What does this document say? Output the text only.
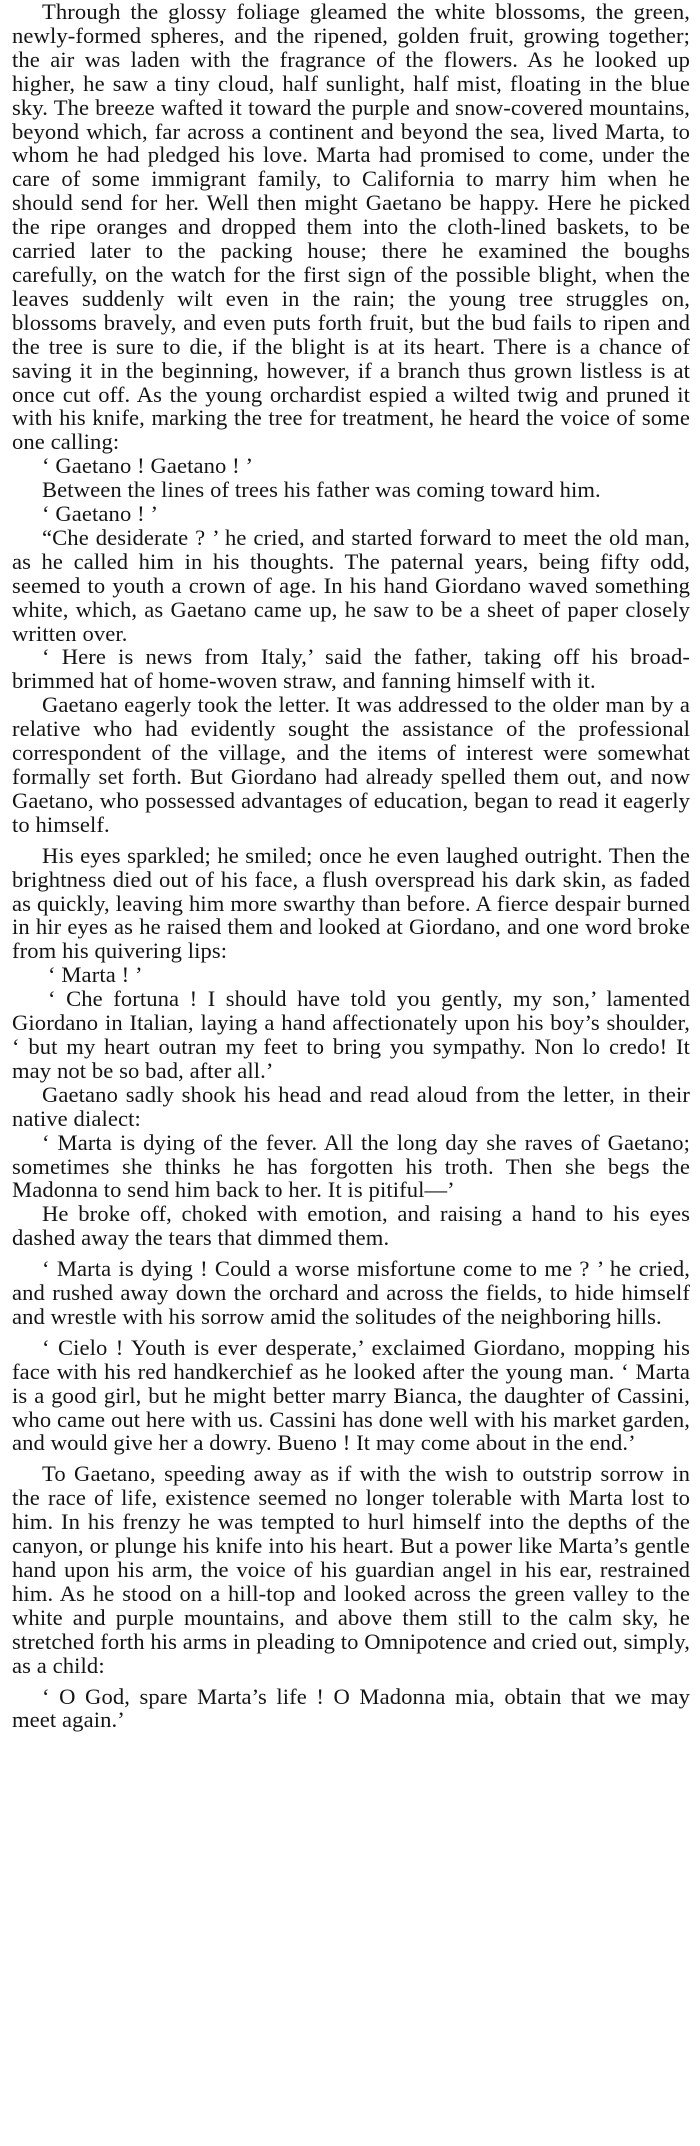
Through the glossy foliage gleamed the white blossoms, the green, newly-formed spheres, and the ripened, golden fruit, growing together; the air was laden with the fragrance of the flowers. As he looked up higher, he saw a tiny cloud, half sunlight, half mist, floating in the blue sky. The breeze wafted it toward the purple and snow-covered mountains, beyond which, far across a continent and beyond the sea, lived Marta, to whom he had pledged his love. Marta had promised to come, under the care of some immigrant family, to California to marry him when he should send for her. Well then might Gaetano be happy. Here he picked the ripe oranges and dropped them into the cloth-lined baskets, to be carried later to the packing house; there he examined the boughs carefully, on the watch for the first sign of the possible blight, when the leaves suddenly wilt even in the rain; the young tree struggles on, blossoms bravely, and even puts forth fruit, but the bud fails to ripen and the tree is sure to die, if the blight is at its heart. There is a chance of saving it in the beginning, however, if a branch thus grown listless is at once cut off. As the young orchardist espied a wilted twig and pruned it with his knife, marking the tree for treatment, he heard the voice of some one calling:

‘ Gaetano ! Gaetano ! ’

Between the lines of trees his father was coming toward him.

‘ Gaetano ! ’

“Che desiderate ? ’ he cried, and started forward to meet the old man, as he called him in his thoughts. The paternal years, being fifty odd, seemed to youth a crown of age. In his hand Giordano waved something white, which, as Gaetano came up, he saw to be a sheet of paper closely written over.

‘ Here is news from Italy,’ said the father, taking off his broad-brimmed hat of home-woven straw, and fanning himself with it.

Gaetano eagerly took the letter. It was addressed to the older man by a relative who had evidently sought the assistance of the professional correspondent of the village, and the items of interest were somewhat formally set forth. But Giordano had already spelled them out, and now Gaetano, who possessed advantages of education, began to read it eagerly to himself.

His eyes sparkled; he smiled; once he even laughed outright. Then the brightness died out of his face, a flush overspread his dark skin, as faded as quickly, leaving him more swarthy than before. A fierce despair burned in hir eyes as he raised them and looked at Giordano, and one word broke from his quivering lips:

‘ Marta ! ’

‘ Che fortuna ! I should have told you gently, my son,’ lamented Giordano in Italian, laying a hand affectionately upon his boy’s shoulder, ‘ but my heart outran my feet to bring you sympathy. Non lo credo! It may not be so bad, after all.’

Gaetano sadly shook his head and read aloud from the letter, in their native dialect:

‘ Marta is dying of the fever. All the long day she raves of Gaetano; sometimes she thinks he has forgotten his troth. Then she begs the Madonna to send him back to her. It is pitiful—’

He broke off, choked with emotion, and raising a hand to his eyes dashed away the tears that dimmed them.

‘ Marta is dying ! Could a worse misfortune come to me ? ’ he cried, and rushed away down the orchard and across the fields, to hide himself and wrestle with his sorrow amid the solitudes of the neighboring hills.

‘ Cielo ! Youth is ever desperate,’ exclaimed Giordano, mopping his face with his red handkerchief as he looked after the young man. ‘ Marta is a good girl, but he might better marry Bianca, the daughter of Cassini, who came out here with us. Cassini has done well with his market garden, and would give her a dowry. Bueno ! It may come about in the end.’

To Gaetano, speeding away as if with the wish to outstrip sorrow in the race of life, existence seemed no longer tolerable with Marta lost to him. In his frenzy he was tempted to hurl himself into the depths of the canyon, or plunge his knife into his heart. But a power like Marta’s gentle hand upon his arm, the voice of his guardian angel in his ear, restrained him. As he stood on a hill-top and looked across the green valley to the white and purple mountains, and above them still to the calm sky, he stretched forth his arms in pleading to Omnipotence and cried out, simply, as a child:

‘ O God, spare Marta’s life ! O Madonna mia, obtain that we may meet again.’
